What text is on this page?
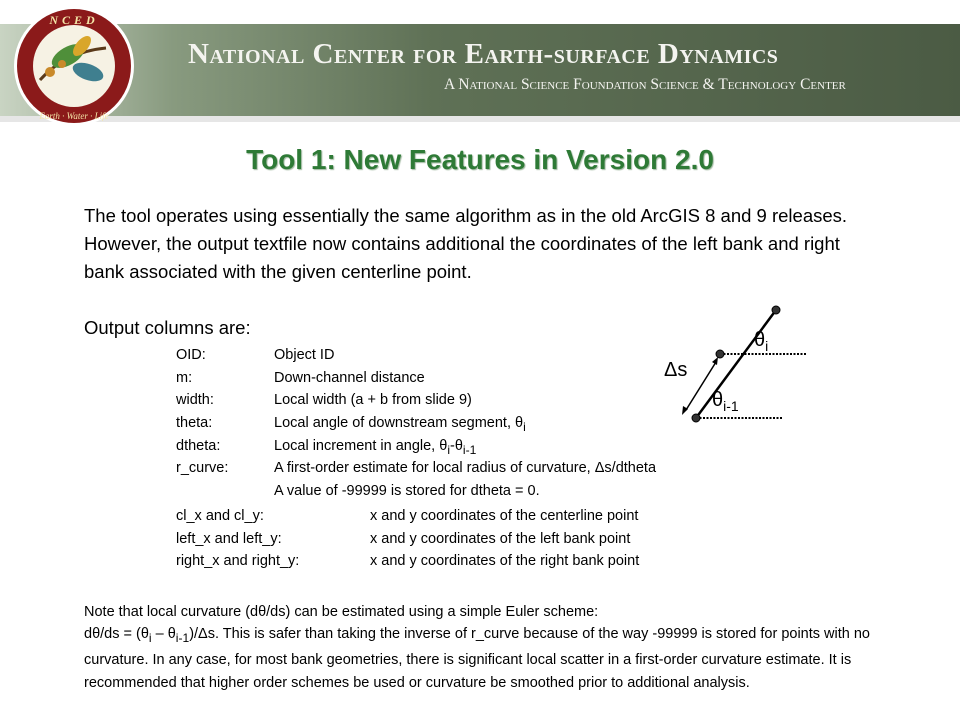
NCED
Earth · Water · Life
National Center for Earth-surface Dynamics
A National Science Foundation Science & Technology Center
Tool 1: New Features in Version 2.0

The tool operates using essentially the same algorithm as in the old ArcGIS 8 and 9 releases. However, the output textfile now contains additional the coordinates of the left bank and right bank associated with the given centerline point.

Output columns are:
OID:	Object ID
m:	Down-channel distance
width:	Local width (a + b from slide 9)
theta:	Local angle of downstream segment, $\theta_i$
dtheta:	Local increment in angle, $\theta_i-\theta_{i-1}$
r_curve:	A first-order estimate for local radius of curvature, Δs/dtheta
	A value of -99999 is stored for dtheta = 0.
cl_x and cl_y:	x and y coordinates of the centerline point
left_x and left_y:	x and y coordinates of the left bank point
right_x and right_y:	x and y coordinates of the right bank point

Note that local curvature (dθ/ds) can be estimated using a simple Euler scheme:

$d\theta/ds = (\theta_i - \theta_{i-1})/\Delta s$. This is safer than taking the inverse of r_curve because of the way -99999 is stored for points with no curvature. In any case, for most bank geometries, there is significant local scatter in a first-order curvature estimate. It is recommended that higher order schemes be used or curvature be smoothed prior to additional analysis.

Δs
$\theta_i$
$\theta_{i-1}$
